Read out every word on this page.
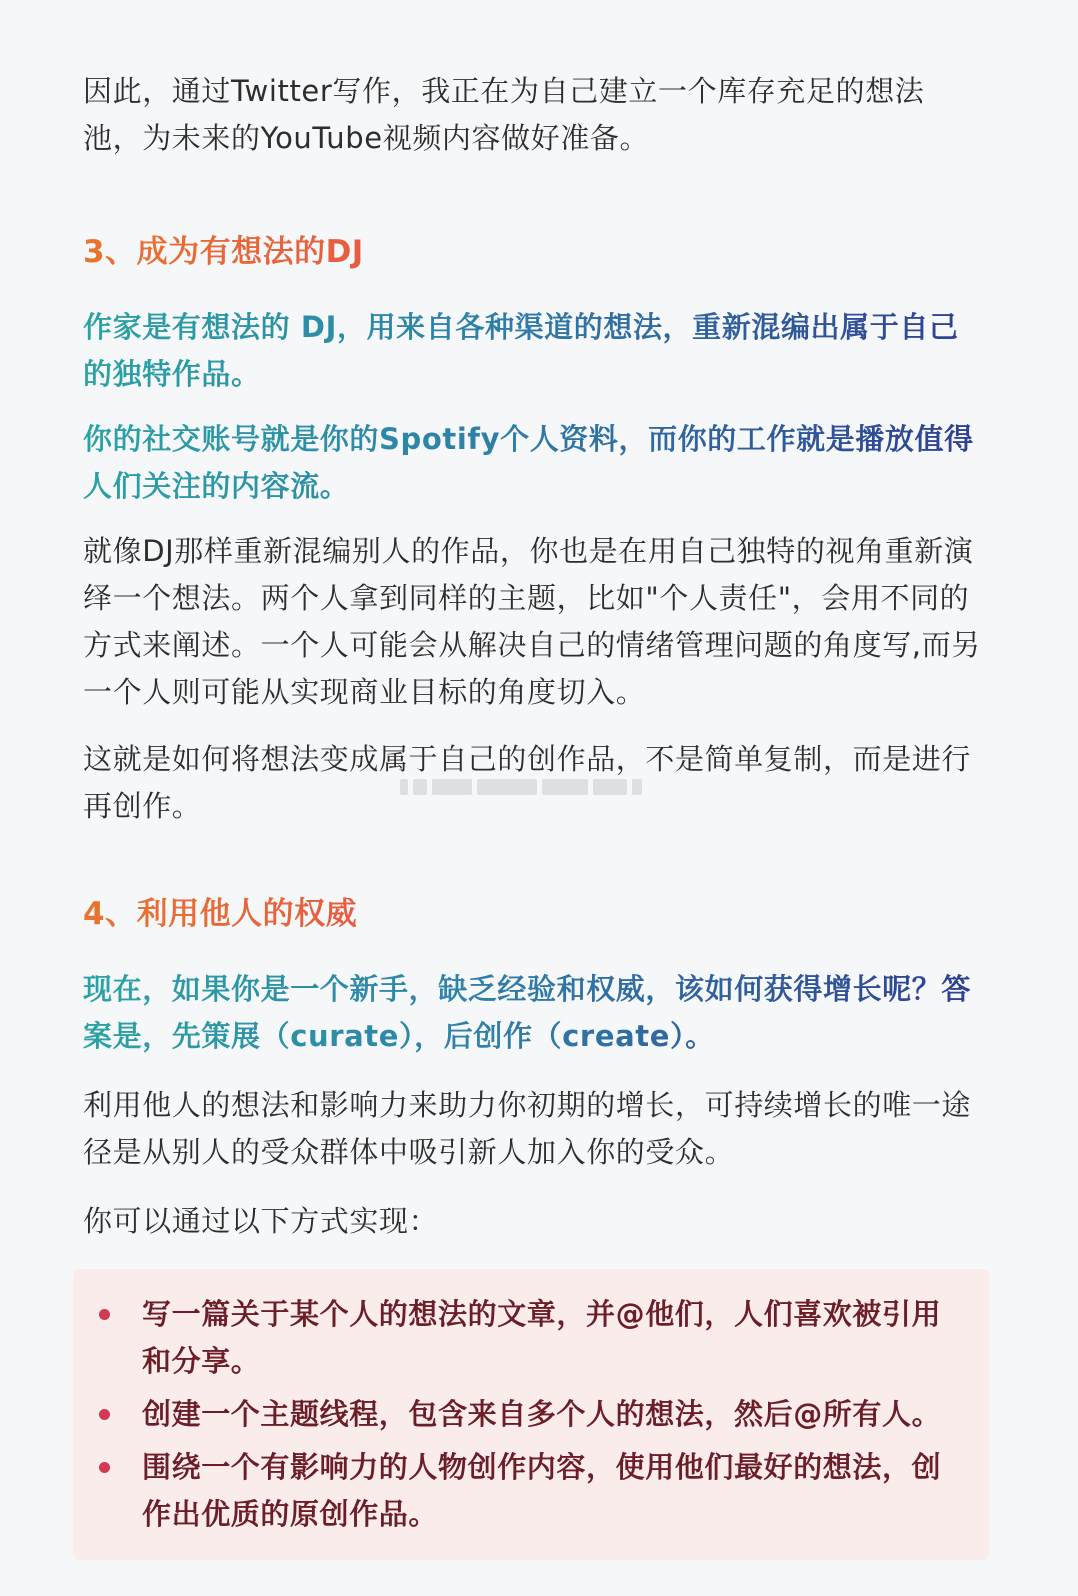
因此，通过Twitter写作，我正在为自己建立一个库存充足的想法池，为未来的YouTube视频内容做好准备。

3、成为有想法的DJ

作家是有想法的 DJ，用来自各种渠道的想法，重新混编出属于自己的独特作品。

你的社交账号就是你的Spotify个人资料，而你的工作就是播放值得人们关注的内容流。

就像DJ那样重新混编别人的作品，你也是在用自己独特的视角重新演绎一个想法。两个人拿到同样的主题，比如"个人责任"，会用不同的方式来阐述。一个人可能会从解决自己的情绪管理问题的角度写,而另一个人则可能从实现商业目标的角度切入。

这就是如何将想法变成属于自己的创作品，不是简单复制，而是进行再创作。

4、利用他人的权威

现在，如果你是一个新手，缺乏经验和权威，该如何获得增长呢？答案是，先策展（curate），后创作（create）。

利用他人的想法和影响力来助力你初期的增长，可持续增长的唯一途径是从别人的受众群体中吸引新人加入你的受众。

你可以通过以下方式实现：

写一篇关于某个人的想法的文章，并@他们，人们喜欢被引用和分享。
创建一个主题线程，包含来自多个人的想法，然后@所有人。
围绕一个有影响力的人物创作内容，使用他们最好的想法，创作出优质的原创作品。
